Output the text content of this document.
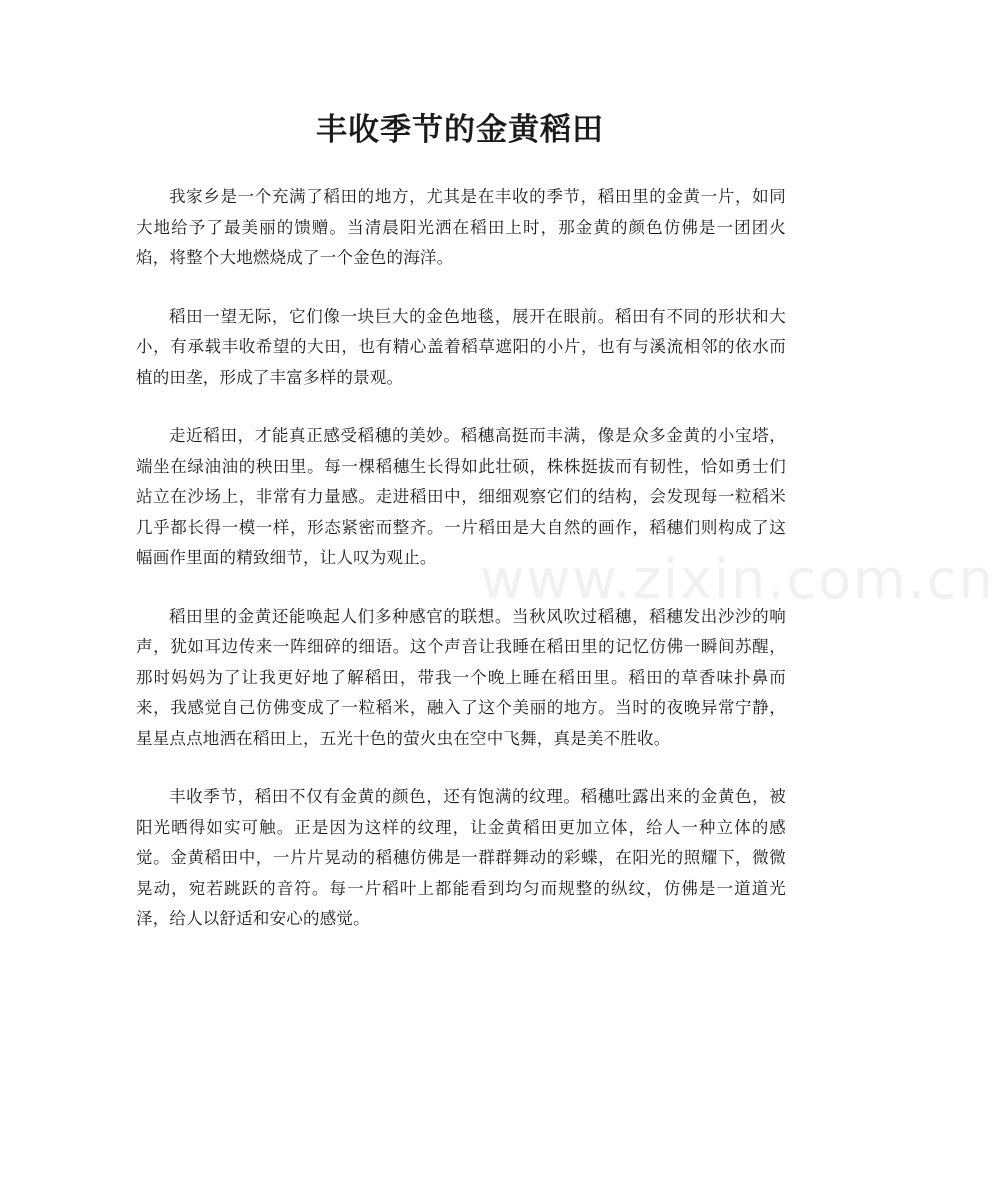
丰收季节的金黄稻田

我家乡是一个充满了稻田的地方，尤其是在丰收的季节，稻田里的金黄一片，如同大地给予了最美丽的馈赠。当清晨阳光洒在稻田上时，那金黄的颜色仿佛是一团团火焰，将整个大地燃烧成了一个金色的海洋。

稻田一望无际，它们像一块巨大的金色地毯，展开在眼前。稻田有不同的形状和大小，有承载丰收希望的大田，也有精心盖着稻草遮阳的小片，也有与溪流相邻的依水而植的田垄，形成了丰富多样的景观。

走近稻田，才能真正感受稻穗的美妙。稻穗高挺而丰满，像是众多金黄的小宝塔，端坐在绿油油的秧田里。每一棵稻穗生长得如此壮硕，株株挺拔而有韧性，恰如勇士们站立在沙场上，非常有力量感。走进稻田中，细细观察它们的结构，会发现每一粒稻米几乎都长得一模一样，形态紧密而整齐。一片稻田是大自然的画作，稻穗们则构成了这幅画作里面的精致细节，让人叹为观止。

稻田里的金黄还能唤起人们多种感官的联想。当秋风吹过稻穗，稻穗发出沙沙的响声，犹如耳边传来一阵细碎的细语。这个声音让我睡在稻田里的记忆仿佛一瞬间苏醒，那时妈妈为了让我更好地了解稻田，带我一个晚上睡在稻田里。稻田的草香味扑鼻而来，我感觉自己仿佛变成了一粒稻米，融入了这个美丽的地方。当时的夜晚异常宁静，星星点点地洒在稻田上，五光十色的萤火虫在空中飞舞，真是美不胜收。

丰收季节，稻田不仅有金黄的颜色，还有饱满的纹理。稻穗吐露出来的金黄色，被阳光晒得如实可触。正是因为这样的纹理，让金黄稻田更加立体，给人一种立体的感觉。金黄稻田中，一片片晃动的稻穗仿佛是一群群舞动的彩蝶，在阳光的照耀下，微微晃动，宛若跳跃的音符。每一片稻叶上都能看到均匀而规整的纵纹，仿佛是一道道光泽，给人以舒适和安心的感觉。

www.zixin.com.cn
